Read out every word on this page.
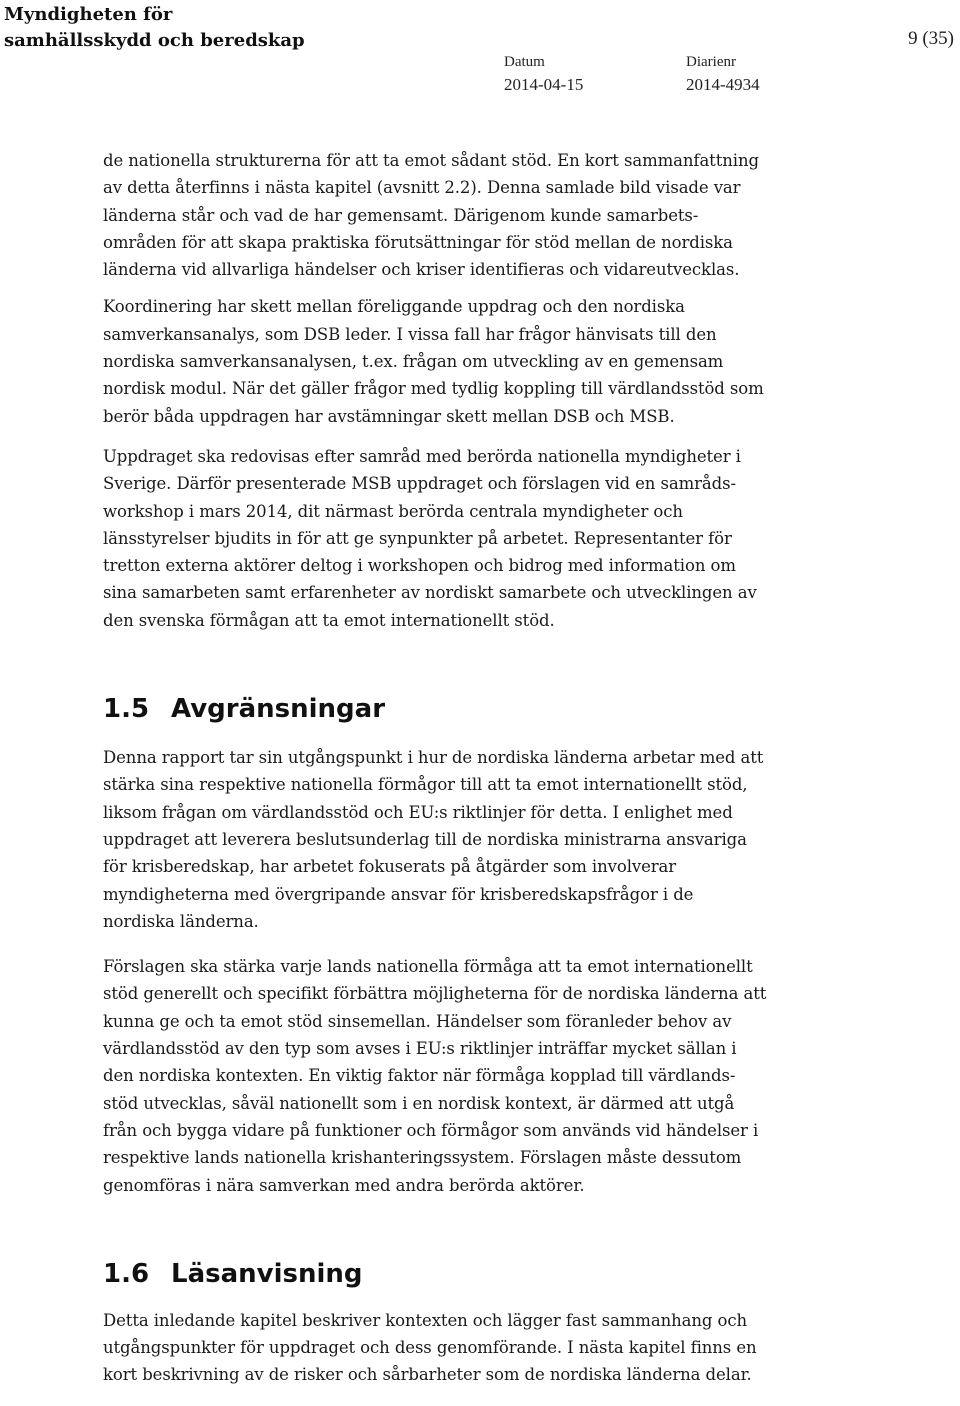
Myndigheten för
samhällsskydd och beredskap	9 (35)
Datum
2014-04-15
Diarienr
2014-4934

de nationella strukturerna för att ta emot sådant stöd. En kort sammanfattning
av detta återfinns i nästa kapitel (avsnitt 2.2). Denna samlade bild visade var
länderna står och vad de har gemensamt. Därigenom kunde samarbets-
områden för att skapa praktiska förutsättningar för stöd mellan de nordiska
länderna vid allvarliga händelser och kriser identifieras och vidareutvecklas.

Koordinering har skett mellan föreliggande uppdrag och den nordiska
samverkansanalys, som DSB leder. I vissa fall har frågor hänvisats till den
nordiska samverkansanalysen, t.ex. frågan om utveckling av en gemensam
nordisk modul. När det gäller frågor med tydlig koppling till värdlandsstöd som
berör båda uppdragen har avstämningar skett mellan DSB och MSB.

Uppdraget ska redovisas efter samråd med berörda nationella myndigheter i
Sverige. Därför presenterade MSB uppdraget och förslagen vid en samråds-
workshop i mars 2014, dit närmast berörda centrala myndigheter och
länsstyrelser bjudits in för att ge synpunkter på arbetet. Representanter för
tretton externa aktörer deltog i workshopen och bidrog med information om
sina samarbeten samt erfarenheter av nordiskt samarbete och utvecklingen av
den svenska förmågan att ta emot internationellt stöd.

1.5 Avgränsningar

Denna rapport tar sin utgångspunkt i hur de nordiska länderna arbetar med att
stärka sina respektive nationella förmågor till att ta emot internationellt stöd,
liksom frågan om värdlandsstöd och EU:s riktlinjer för detta. I enlighet med
uppdraget att leverera beslutsunderlag till de nordiska ministrarna ansvariga
för krisberedskap, har arbetet fokuserats på åtgärder som involverar
myndigheterna med övergripande ansvar för krisberedskapsfrågor i de
nordiska länderna.

Förslagen ska stärka varje lands nationella förmåga att ta emot internationellt
stöd generellt och specifikt förbättra möjligheterna för de nordiska länderna att
kunna ge och ta emot stöd sinsemellan. Händelser som föranleder behov av
värdlandsstöd av den typ som avses i EU:s riktlinjer inträffar mycket sällan i
den nordiska kontexten. En viktig faktor när förmåga kopplad till värdlands-
stöd utvecklas, såväl nationellt som i en nordisk kontext, är därmed att utgå
från och bygga vidare på funktioner och förmågor som används vid händelser i
respektive lands nationella krishanteringssystem. Förslagen måste dessutom
genomföras i nära samverkan med andra berörda aktörer.

1.6 Läsanvisning

Detta inledande kapitel beskriver kontexten och lägger fast sammanhang och
utgångspunkter för uppdraget och dess genomförande. I nästa kapitel finns en
kort beskrivning av de risker och sårbarheter som de nordiska länderna delar.
